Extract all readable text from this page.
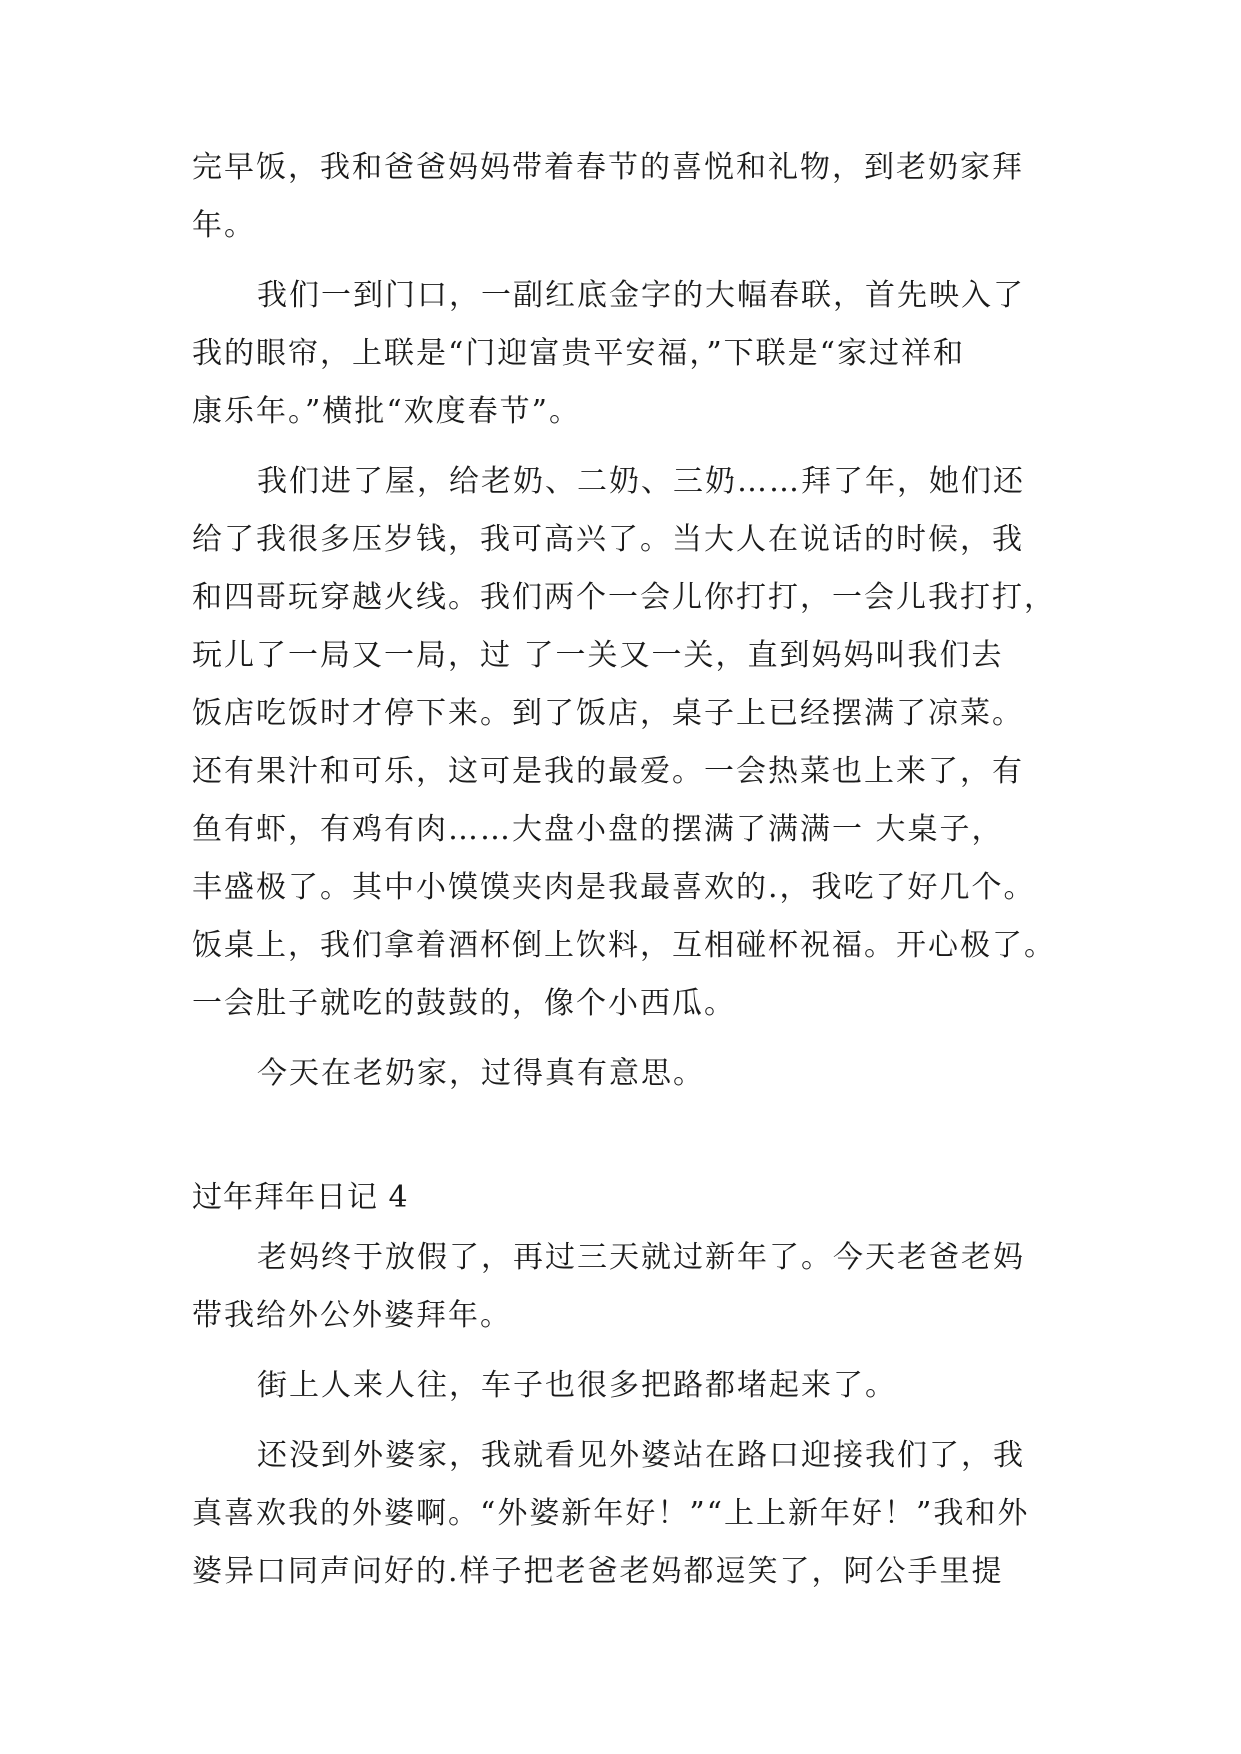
完早饭，我和爸爸妈妈带着春节的喜悦和礼物，到老奶家拜

年。

我们一到门口，一副红底金字的大幅春联，首先映入了

我的眼帘，上联是“门迎富贵平安福，”下联是“家过祥和

康乐年。”横批“欢度春节”。

我们进了屋，给老奶、二奶、三奶……拜了年，她们还

给了我很多压岁钱，我可高兴了。当大人在说话的时候，我

和四哥玩穿越火线。我们两个一会儿你打打，一会儿我打打，

玩儿了一局又一局，过 了一关又一关，直到妈妈叫我们去

饭店吃饭时才停下来。到了饭店，桌子上已经摆满了凉菜。

还有果汁和可乐，这可是我的最爱。一会热菜也上来了，有

鱼有虾，有鸡有肉……大盘小盘的摆满了满满一 大桌子，

丰盛极了。其中小馍馍夹肉是我最喜欢的.，我吃了好几个。

饭桌上，我们拿着酒杯倒上饮料，互相碰杯祝福。开心极了。

一会肚子就吃的鼓鼓的，像个小西瓜。

今天在老奶家，过得真有意思。

过年拜年日记 4

老妈终于放假了，再过三天就过新年了。今天老爸老妈

带我给外公外婆拜年。

街上人来人往，车子也很多把路都堵起来了。

还没到外婆家，我就看见外婆站在路口迎接我们了，我

真喜欢我的外婆啊。“外婆新年好！”“上上新年好！”我和外

婆异口同声问好的.样子把老爸老妈都逗笑了，阿公手里提
